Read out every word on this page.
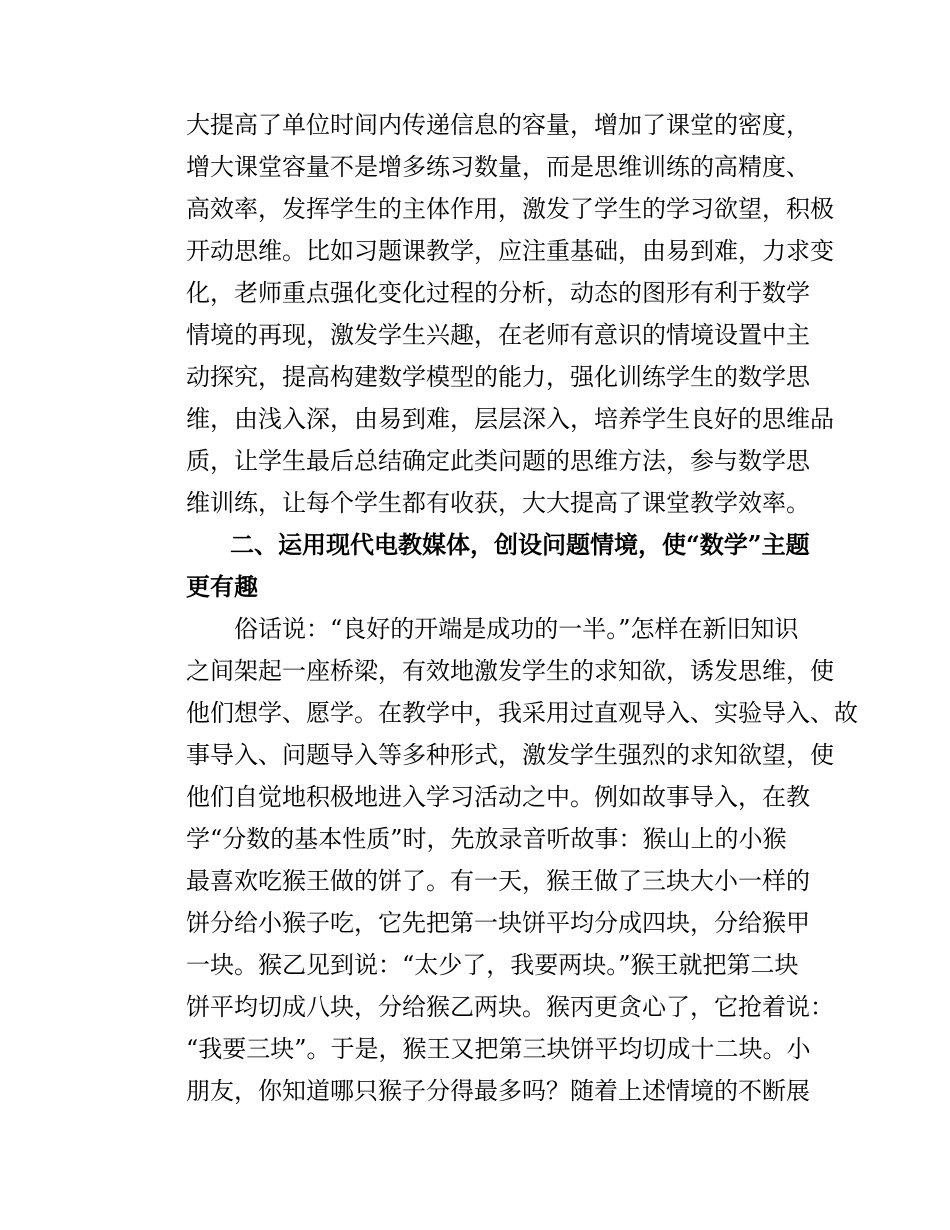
大提高了单位时间内传递信息的容量，增加了课堂的密度，
增大课堂容量不是增多练习数量，而是思维训练的高精度、
高效率，发挥学生的主体作用，激发了学生的学习欲望，积极
开动思维。比如习题课教学，应注重基础，由易到难，力求变
化，老师重点强化变化过程的分析，动态的图形有利于数学
情境的再现，激发学生兴趣，在老师有意识的情境设置中主
动探究，提高构建数学模型的能力，强化训练学生的数学思
维，由浅入深，由易到难，层层深入，培养学生良好的思维品
质，让学生最后总结确定此类问题的思维方法，参与数学思
维训练，让每个学生都有收获，大大提高了课堂教学效率。
二、运用现代电教媒体，创设问题情境，使“数学”主题
更有趣
俗话说：“良好的开端是成功的一半。”怎样在新旧知识
之间架起一座桥梁，有效地激发学生的求知欲，诱发思维，使
他们想学、愿学。在教学中，我采用过直观导入、实验导入、故
事导入、问题导入等多种形式，激发学生强烈的求知欲望，使
他们自觉地积极地进入学习活动之中。例如故事导入，在教
学“分数的基本性质”时，先放录音听故事：猴山上的小猴
最喜欢吃猴王做的饼了。有一天，猴王做了三块大小一样的
饼分给小猴子吃，它先把第一块饼平均分成四块，分给猴甲
一块。猴乙见到说：“太少了，我要两块。”猴王就把第二块
饼平均切成八块，分给猴乙两块。猴丙更贪心了，它抢着说：
“我要三块”。于是，猴王又把第三块饼平均切成十二块。小
朋友，你知道哪只猴子分得最多吗？随着上述情境的不断展
